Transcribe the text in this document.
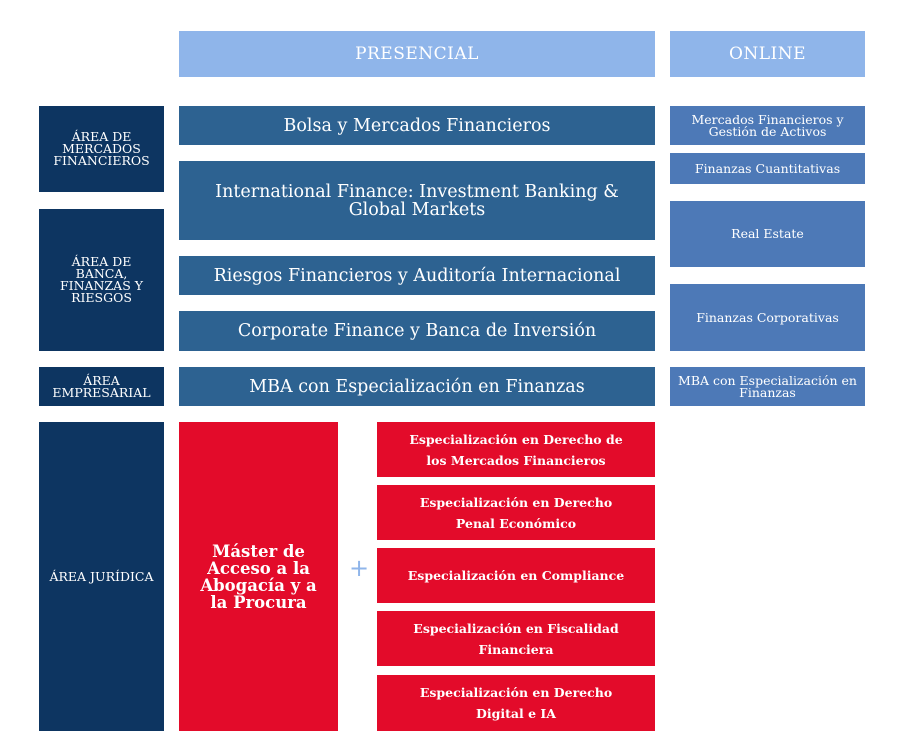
PRESENCIAL	ONLINE
ÁREA DE MERCADOS FINANCIEROS
ÁREA DE BANCA, FINANZAS Y RIESGOS
ÁREA EMPRESARIAL
ÁREA JURÍDICA
Bolsa y Mercados Financieros
International Finance: Investment Banking & Global Markets
Riesgos Financieros y Auditoría Internacional
Corporate Finance y Banca de Inversión
MBA con Especialización en Finanzas
Mercados Financieros y Gestión de Activos
Finanzas Cuantitativas
Real Estate
Finanzas Corporativas
MBA con Especialización en Finanzas
Máster de Acceso a la Abogacía y a la Procura
+
Especialización en Derecho de los Mercados Financieros
Especialización en Derecho Penal Económico
Especialización en Compliance
Especialización en Fiscalidad Financiera
Especialización en Derecho Digital e IA
